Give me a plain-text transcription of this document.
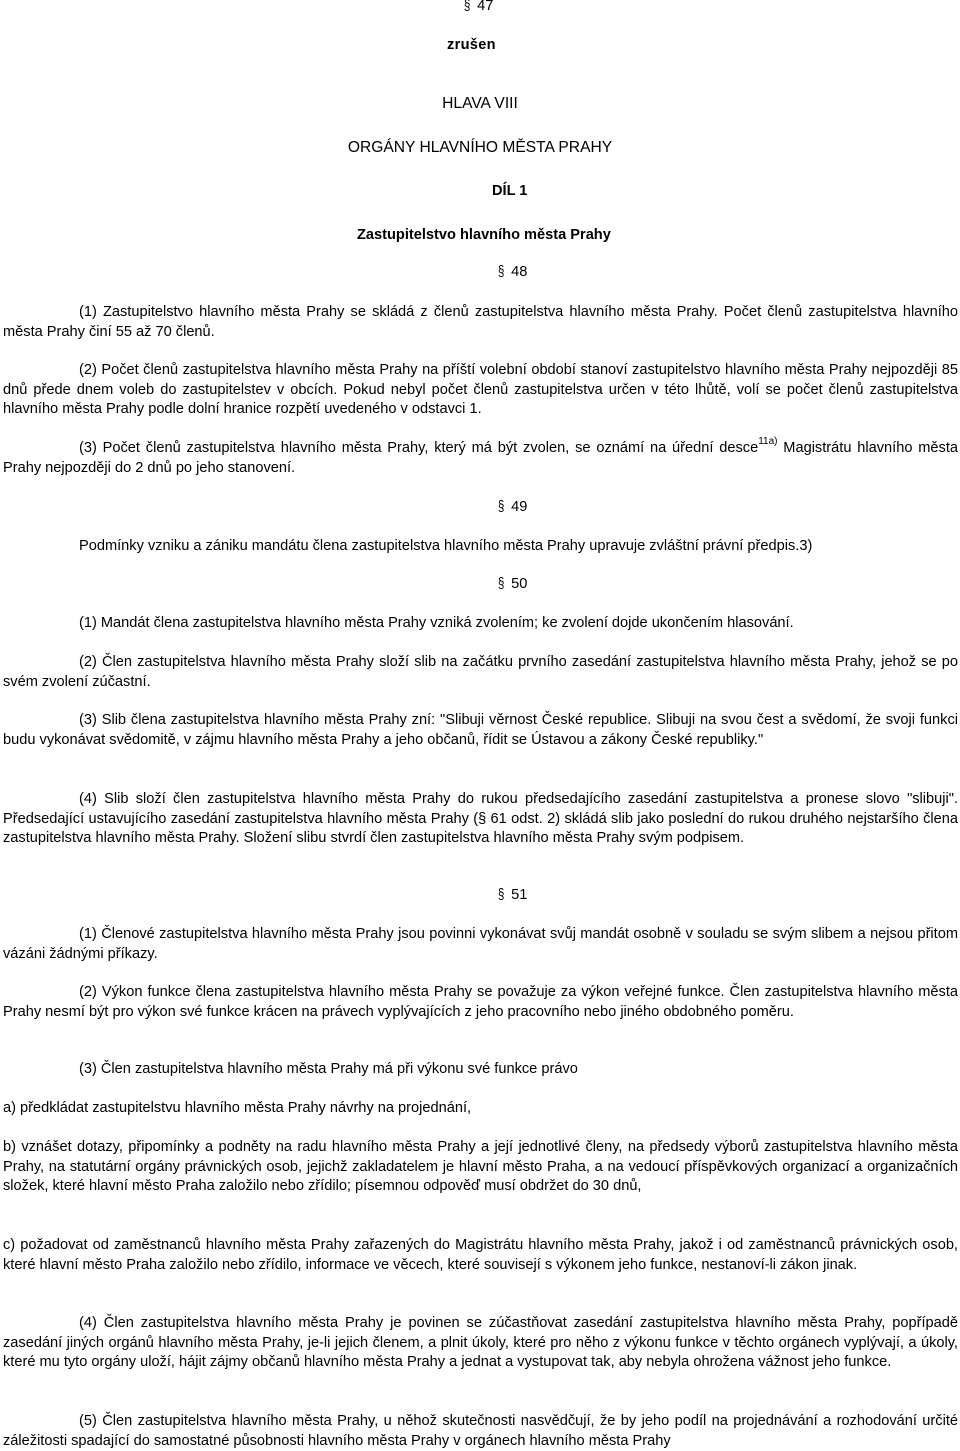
§ 47
zrušen
HLAVA VIII
ORGÁNY HLAVNÍHO MĚSTA PRAHY
DÍL 1
Zastupitelstvo hlavního města Prahy
§ 48

(1) Zastupitelstvo hlavního města Prahy se skládá z členů zastupitelstva hlavního města Prahy. Počet členů zastupitelstva hlavního města Prahy činí 55 až 70 členů.

(2) Počet členů zastupitelstva hlavního města Prahy na příští volební období stanoví zastupitelstvo hlavního města Prahy nejpozději 85 dnů přede dnem voleb do zastupitelstev v obcích. Pokud nebyl počet členů zastupitelstva určen v této lhůtě, volí se počet členů zastupitelstva hlavního města Prahy podle dolní hranice rozpětí uvedeného v odstavci 1.

(3) Počet členů zastupitelstva hlavního města Prahy, který má být zvolen, se oznámí na úřední desce$^{11a)}$ Magistrátu hlavního města Prahy nejpozději do 2 dnů po jeho stanovení.

§ 49

Podmínky vzniku a zániku mandátu člena zastupitelstva hlavního města Prahy upravuje zvláštní právní předpis.3)

§ 50

(1) Mandát člena zastupitelstva hlavního města Prahy vzniká zvolením; ke zvolení dojde ukončením hlasování.

(2) Člen zastupitelstva hlavního města Prahy složí slib na začátku prvního zasedání zastupitelstva hlavního města Prahy, jehož se po svém zvolení zúčastní.

(3) Slib člena zastupitelstva hlavního města Prahy zní: "Slibuji věrnost České republice. Slibuji na svou čest a svědomí, že svoji funkci budu vykonávat svědomitě, v zájmu hlavního města Prahy a jeho občanů, řídit se Ústavou a zákony České republiky."

(4) Slib složí člen zastupitelstva hlavního města Prahy do rukou předsedajícího zasedání zastupitelstva a pronese slovo "slibuji". Předsedající ustavujícího zasedání zastupitelstva hlavního města Prahy (§ 61 odst. 2) skládá slib jako poslední do rukou druhého nejstaršího člena zastupitelstva hlavního města Prahy. Složení slibu stvrdí člen zastupitelstva hlavního města Prahy svým podpisem.

§ 51

(1) Členové zastupitelstva hlavního města Prahy jsou povinni vykonávat svůj mandát osobně v souladu se svým slibem a nejsou přitom vázáni žádnými příkazy.

(2) Výkon funkce člena zastupitelstva hlavního města Prahy se považuje za výkon veřejné funkce. Člen zastupitelstva hlavního města Prahy nesmí být pro výkon své funkce krácen na právech vyplývajících z jeho pracovního nebo jiného obdobného poměru.

(3) Člen zastupitelstva hlavního města Prahy má při výkonu své funkce právo

a) předkládat zastupitelstvu hlavního města Prahy návrhy na projednání,

b) vznášet dotazy, připomínky a podněty na radu hlavního města Prahy a její jednotlivé členy, na předsedy výborů zastupitelstva hlavního města Prahy, na statutární orgány právnických osob, jejichž zakladatelem je hlavní město Praha, a na vedoucí příspěvkových organizací a organizačních složek, které hlavní město Praha založilo nebo zřídilo; písemnou odpověď musí obdržet do 30 dnů,

c) požadovat od zaměstnanců hlavního města Prahy zařazených do Magistrátu hlavního města Prahy, jakož i od zaměstnanců právnických osob, které hlavní město Praha založilo nebo zřídilo, informace ve věcech, které souvisejí s výkonem jeho funkce, nestanoví-li zákon jinak.

(4) Člen zastupitelstva hlavního města Prahy je povinen se zúčastňovat zasedání zastupitelstva hlavního města Prahy, popřípadě zasedání jiných orgánů hlavního města Prahy, je-li jejich členem, a plnit úkoly, které pro něho z výkonu funkce v těchto orgánech vyplývají, a úkoly, které mu tyto orgány uloží, hájit zájmy občanů hlavního města Prahy a jednat a vystupovat tak, aby nebyla ohrožena vážnost jeho funkce.

(5) Člen zastupitelstva hlavního města Prahy, u něhož skutečnosti nasvědčují, že by jeho podíl na projednávání a rozhodování určité záležitosti spadající do samostatné působnosti hlavního města Prahy v orgánech hlavního města Prahy
